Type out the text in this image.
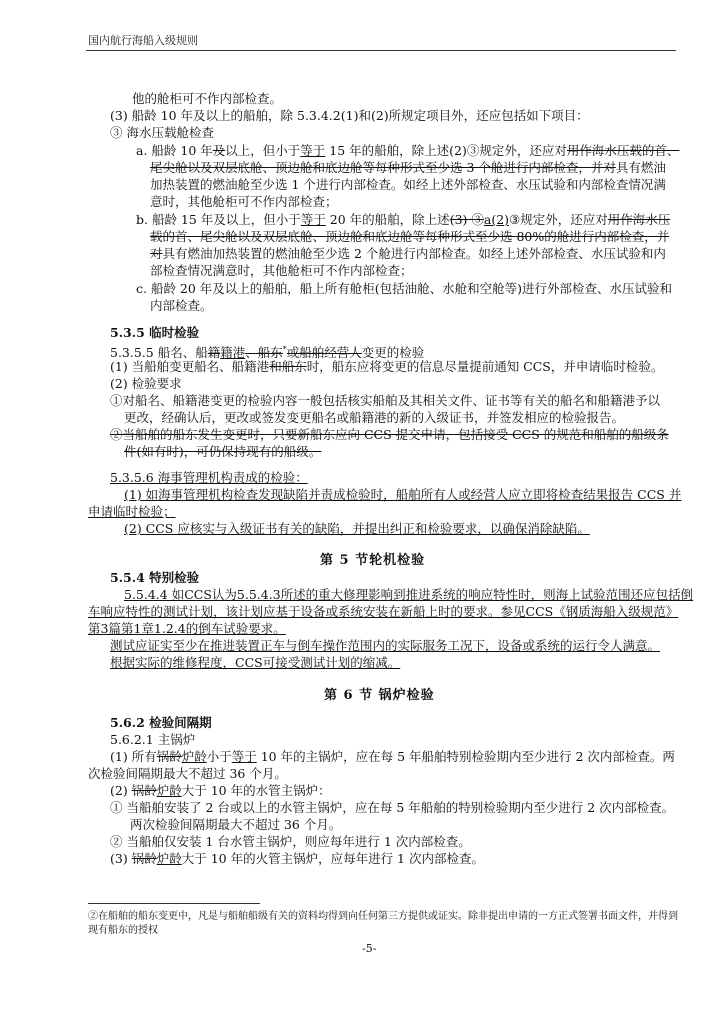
国内航行海船入级规则
他的舱柜可不作内部检查。
(3) 船龄 10 年及以上的船舶，除 5.3.4.2(1)和(2)所规定项目外，还应包括如下项目：
③ 海水压载舱检查
a. 船龄 10 年及以上，但小于等于 15 年的船舶，除上述(2)③规定外，还应对用作海水压载的首、
尾尖舱以及双层底舱、顶边舱和底边舱等每种形式至少选 3 个舱进行内部检查，并对具有燃油
加热装置的燃油舱至少选 1 个进行内部检查。如经上述外部检查、水压试验和内部检查情况满
意时，其他舱柜可不作内部检查；
b. 船龄 15 年及以上，但小于等于 20 年的船舶，除上述(3) ③a(2)③规定外，还应对用作海水压
载的首、尾尖舱以及双层底舱、顶边舱和底边舱等每种形式至少选 80%的舱进行内部检查，并
对具有燃油加热装置的燃油舱至少选 2 个舱进行内部检查。如经上述外部检查、水压试验和内
部检查情况满意时，其他舱柜可不作内部检查；
c. 船龄 20 年及以上的船舶，船上所有舱柜(包括油舱、水舱和空舱等)进行外部检查、水压试验和
内部检查。
5.3.5 临时检验
5.3.5.5 船名、船籍籍港、船东*或船舶经营人变更的检验
(1) 当船舶变更船名、船籍港和船东时，船东应将变更的信息尽量提前通知 CCS，并申请临时检验。
(2) 检验要求
①对船名、船籍港变更的检验内容一般包括核实船舶及其相关文件、证书等有关的船名和船籍港予以
更改，经确认后，更改或签发变更船名或船籍港的新的入级证书，并签发相应的检验报告。
②当船舶的船东发生变更时，只要新船东应向 CCS 提交申请，包括接受 CCS 的规范和船舶的船级条
件(如有时)，可仍保持现有的船级。
5.3.5.6 海事管理机构责成的检验：
(1) 如海事管理机构检查发现缺陷并责成检验时，船舶所有人或经营人应立即将检查结果报告 CCS 并
申请临时检验；
(2) CCS 应核实与入级证书有关的缺陷，并提出纠正和检验要求，以确保消除缺陷。
第 5 节轮机检验
5.5.4 特别检验
5.5.4.4 如CCS认为5.5.4.3所述的重大修理影响到推进系统的响应特性时，则海上试验范围还应包括倒
车响应特性的测试计划，该计划应基于设备或系统安装在新船上时的要求。参见CCS《钢质海船入级规范》
第3篇第1章1.2.4的倒车试验要求。
测试应证实至少在推进装置正车与倒车操作范围内的实际服务工况下，设备或系统的运行令人满意。
根据实际的维修程度，CCS可接受测试计划的缩减。
第 6 节 锅炉检验
5.6.2 检验间隔期
5.6.2.1 主锅炉
(1) 所有锅龄炉龄小于等于 10 年的主锅炉，应在每 5 年船舶特别检验期内至少进行 2 次内部检查。两
次检验间隔期最大不超过 36 个月。
(2) 锅龄炉龄大于 10 年的水管主锅炉：
① 当船舶安装了 2 台或以上的水管主锅炉，应在每 5 年船舶的特别检验期内至少进行 2 次内部检查。
两次检验间隔期最大不超过 36 个月。
② 当船舶仅安装 1 台水管主锅炉，则应每年进行 1 次内部检查。
(3) 锅龄炉龄大于 10 年的火管主锅炉，应每年进行 1 次内部检查。
②在船舶的船东变更中，凡是与船舶船级有关的资料均得到向任何第三方提供或证实。除非提出申请的一方正式签署书面文件，并得到现有船东的授权
-5-
